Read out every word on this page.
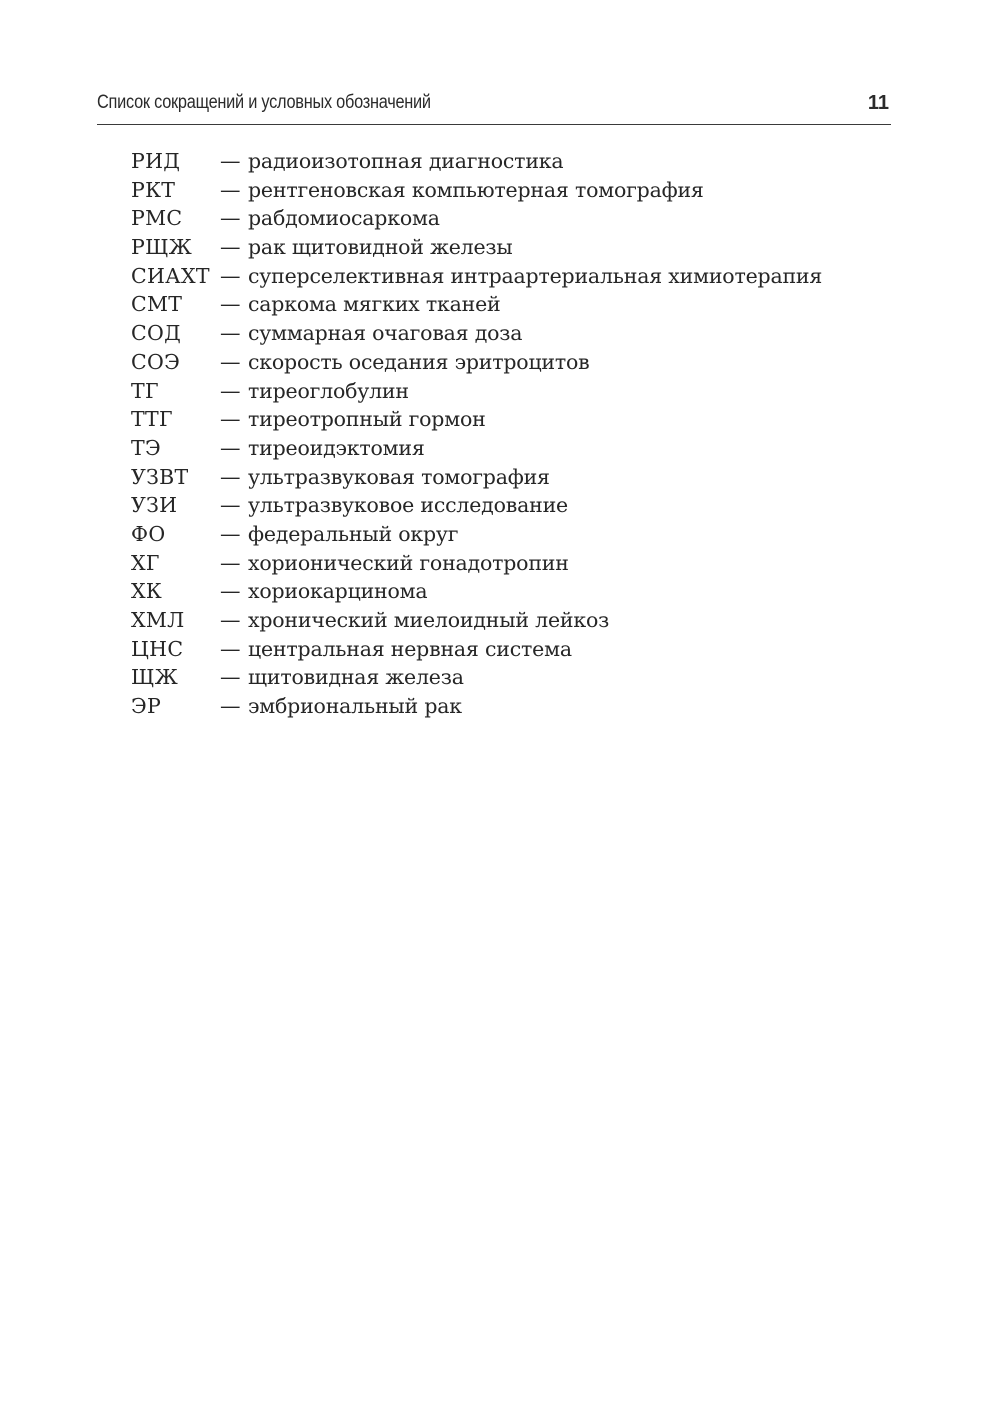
Список сокращений и условных обозначений	11
РИД — радиоизотопная диагностика
РКТ — рентгеновская компьютерная томография
РМС — рабдомиосаркома
РЩЖ — рак щитовидной железы
СИАХТ — суперселективная интраартериальная химиотерапия
СМТ — саркома мягких тканей
СОД — суммарная очаговая доза
СОЭ — скорость оседания эритроцитов
ТГ	— тиреоглобулин
ТТГ — тиреотропный гормон
ТЭ	— тиреоидэктомия
УЗВТ — ультразвуковая томография
УЗИ — ультразвуковое исследование
ФО	— федеральный округ
ХГ	— хорионический гонадотропин
ХК	— хориокарцинома
ХМЛ — хронический миелоидный лейкоз
ЦНС — центральная нервная система
ЩЖ — щитовидная железа
ЭР	— эмбриональный рак
